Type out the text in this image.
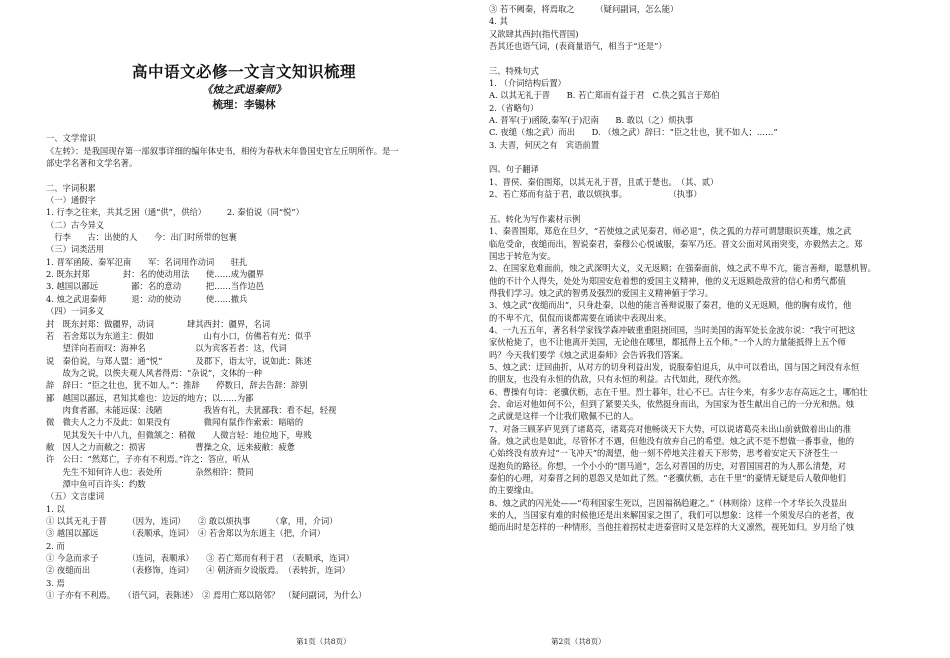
高中语文必修一文言文知识梳理
《烛之武退秦师》
梳理：李锡林
一、文学常识
《左转》：是我国现存第一部叙事详细的编年体史书，相传为春秋末年鲁国史官左丘明所作。是一
部史学名著和文学名著。
二、字词积累
（一）通假字
1. 行李之往来，共其乏困（通“供”，供给）　　　2. 秦伯说（同“悦”）
（二）古今异义
　行李　　古：出使的人　　今：出门时所带的包裹
（三）词类活用
1. 晋军函陵、秦军氾南　　军：名词用作动词　　驻扎
2. 既东封郑　　　　封：名的使动用法　　使……成为疆界
3. 越国以鄙远　　　　鄙：名的意动　　　把……当作边邑
4. 烛之武退秦师　　　退：动的使动　　　使……撤兵
（四）一词多义
封　既东封郑：做疆界，动词　　　　肆其西封：疆界，名词
若　若舍郑以为东道主：假如　　　　　　山有小口，仿佛若有光：似乎
　　望洋向若而叹：海神名　　　　　　以为宾客若者：这，代词
说　秦伯说，与郑人盟：通“悦”　　　　及郡下，诣太守，说如此：陈述
　　故为之说，以俟夫观人风者得焉：“杂说”，文体的一种
辞　辞曰：“臣之壮也，犹不如人。”：推辞　　停数日，辞去告辞：辞别
鄙　越国以鄙远，君知其难也：边远的地方；以……为鄙
　　肉食者鄙，未能远谋：浅陋　　　　　我皆有礼，夫犹鄙我：看不起，轻视
微　微夫人之力不及此：如果没有　　　　微闻有鼠作作索索：暗暗的
　　见其发矢十中八九，但微颔之：稍微　　人微言轻：地位地下，卑贱
敝　因人之力而敝之：损害　　　　　　曹操之众，远来疲敝：疲惫
许　公曰：“然郑亡，子亦有不利焉。”许之：答应，听从
　　先生不知何许人也：表处所　　　　杂然相许：赞同
　　潭中鱼可百许头：约数
（五）文言虚词
1. 以
① 以其无礼于晋　　　（因为，连词）　　② 敢以烦执事　　　（拿，用，介词）
③ 越国以鄙远　　　　（表顺承，连词）　④ 若舍郑以为东道主（把，介词）
2. 而
① 今急而求子　　　　（连词，表顺承）　　③ 若亡郑而有利于君　（表顺承，连词）
② 夜缒而出　　　　　（表修饰，连词）　　④ 朝济而夕设版焉。　（表转折，连词）
3. 焉
① 子亦有不利焉。　　（语气词，表陈述）　② 焉用亡郑以陪邻？　（疑问副词，为什么）
第1页（共8页）
③ 若不阙秦，将焉取之　　　（疑问副词，怎么能）
4. 其
又欲肆其西封(指代晋国)
吾其还也语气词，(表商量语气，相当于“还是”）
三、特殊句式
1. （介词结构后置）
A. 以其无礼于晋　　B. 若亡郑而有益于君　C.佚之狐言于郑伯
2.（省略句）
A. 晋军(于)函陵,秦军(于)氾南　　B. 敢以（之）烦执事
C. 夜缒（烛之武）而出　　D. （烛之武）辞曰：“臣之壮也，犹不如人；……”
3. 夫晋，何厌之有　宾语前置
四、句子翻译
1、晋侯、秦伯围郑，以其无礼于晋，且贰于楚也。　（其、贰）
2、若亡郑而有益于君，敢以烦执事。　　　　　　（执事）
五、转化为写作素材示例
1、秦晋围郑，郑危在旦夕，“若使烛之武见秦君，师必退”，佚之狐的力荐可谓慧眼识英雄，烛之武
临危受命，夜缒而出，智说秦君，秦穆公心悦诚服，秦军乃还。晋文公面对风雨突变，亦毅然去之。郑
国忠于转危为安。
2、在国家危难面前，烛之武深明大义，义无返顾；在强秦面前，烛之武不卑不亢，能言善辩，聪慧机智。
他的不计个人得失，处处为郑国安危着想的爱国主义精神，他的义无返顾赴敌营的信心和勇气都值
得我们学习。烛之武的智勇及强烈的爱国主义精神値于学习。
3、烛之武“夜缒而出”，只身赴秦，以他的能言善辩说服了秦君，他的义无返顾，他的胸有成竹，他
的不卑不亢，侃侃而谈都需要在诵读中表现出来。
4、一九五五年，著名科学家钱学森冲破重重阻挠回国，当时美国的海军处长金波尔说：“我宁可把这
家伙枪毙了，也不让他离开美国，无论他在哪里，都抵得上五个师。”一个人的力量能抵得上五个师
吗？今天我们要学《烛之武退秦师》会告诉我们答案。
5、烛之武：迂回曲折，从对方的切身利益出发，说服秦伯退兵，从中可以看出，国与国之间没有永恒
的朋友，也没有永恒的仇敌，只有永恒的利益。古代如此，现代亦然。
6、曹操有句诗：老骥伏枥，志在千里。烈士暮年，壮心不已。古往今来，有多少志存高远之士，哪怕壮
会、命运对他如何不公，但到了紧要关头，依然挺身而出，为国家为苍生献出自己的一分光和热。烛
之武就是这样一个让我们敬佩不已的人。
7、对备三顾茅庐见到了诸葛亮，诸葛亮对他畅谈天下大势，可以说诸葛亮未出山前就做着出山的准
备。烛之武也是如此，尽管怀才不遇，但他没有放弃自己的希望。烛之武不是不想做一番事业，他的
心始终没有放弃过“一飞冲天”的渴望，他一刻不停地关注着天下形势，思考着安定天下济苍生一
逞抱负的路径。你想，一个小小的“圉马道”，怎么对晋国的历史，对晋国国君的为人那么清楚，对
秦伯的心理，对秦晋之间的恩怨又是如此了然。“老骥伏枥，志在千里”的豪情无疑是后人敬仰他们
的主要缘由。
8、烛之武的闪光处——“苟利国家生死以，岂因福祸趋避之。”（林则徐）这样一个才华长久没显出
来的人，当国家有难的时候他还是出来解国家之围了，我们可以想象：这样一个须发尽白的老者，夜
缒而出时是怎样的一种情形，当他拄着拐杖走进秦营时又是怎样的大义凛然，视死如归。岁月给了烛
第2页（共8页）
